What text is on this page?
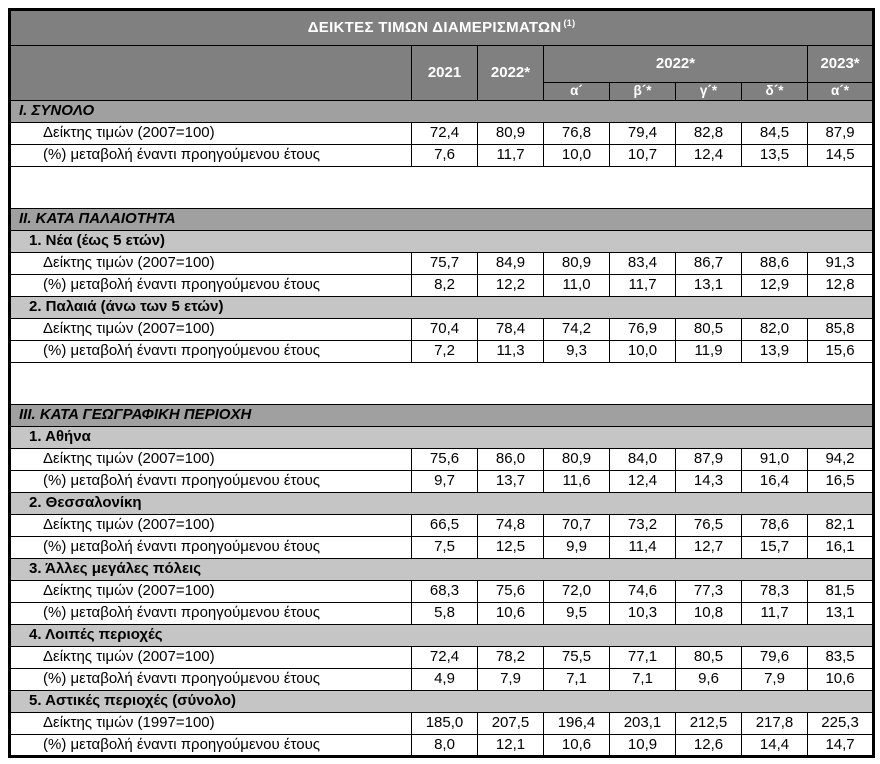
ΔΕΙΚΤΕΣ ΤΙΜΩΝ ΔΙΑΜΕΡΙΣΜΑΤΩΝ $^{(1)}$
	2021	2022*	2022*				2023*
			α´	β´*	γ´*	δ´*	α´*
I. ΣΥΝΟΛΟ							
Δείκτης τιμών (2007=100)	72,4	80,9	76,8	79,4	82,8	84,5	87,9
(%) μεταβολή έναντι προηγούμενου έτους	7,6	11,7	10,0	10,7	12,4	13,5	14,5

II. ΚΑΤΑ ΠΑΛΑΙΟΤΗΤΑ							
1. Νέα (έως 5 ετών)							
Δείκτης τιμών (2007=100)	75,7	84,9	80,9	83,4	86,7	88,6	91,3
(%) μεταβολή έναντι προηγούμενου έτους	8,2	12,2	11,0	11,7	13,1	12,9	12,8
2. Παλαιά (άνω των 5 ετών)							
Δείκτης τιμών (2007=100)	70,4	78,4	74,2	76,9	80,5	82,0	85,8
(%) μεταβολή έναντι προηγούμενου έτους	7,2	11,3	9,3	10,0	11,9	13,9	15,6

III. ΚΑΤΑ ΓΕΩΓΡΑΦΙΚΗ ΠΕΡΙΟΧΗ							
1. Αθήνα							
Δείκτης τιμών (2007=100)	75,6	86,0	80,9	84,0	87,9	91,0	94,2
(%) μεταβολή έναντι προηγούμενου έτους	9,7	13,7	11,6	12,4	14,3	16,4	16,5
2. Θεσσαλονίκη							
Δείκτης τιμών (2007=100)	66,5	74,8	70,7	73,2	76,5	78,6	82,1
(%) μεταβολή έναντι προηγούμενου έτους	7,5	12,5	9,9	11,4	12,7	15,7	16,1
3. Άλλες μεγάλες πόλεις							
Δείκτης τιμών (2007=100)	68,3	75,6	72,0	74,6	77,3	78,3	81,5
(%) μεταβολή έναντι προηγούμενου έτους	5,8	10,6	9,5	10,3	10,8	11,7	13,1
4. Λοιπές περιοχές							
Δείκτης τιμών (2007=100)	72,4	78,2	75,5	77,1	80,5	79,6	83,5
(%) μεταβολή έναντι προηγούμενου έτους	4,9	7,9	7,1	7,1	9,6	7,9	10,6
5. Αστικές περιοχές (σύνολο)							
Δείκτης τιμών (1997=100)	185,0	207,5	196,4	203,1	212,5	217,8	225,3
(%) μεταβολή έναντι προηγούμενου έτους	8,0	12,1	10,6	10,9	12,6	14,4	14,7
